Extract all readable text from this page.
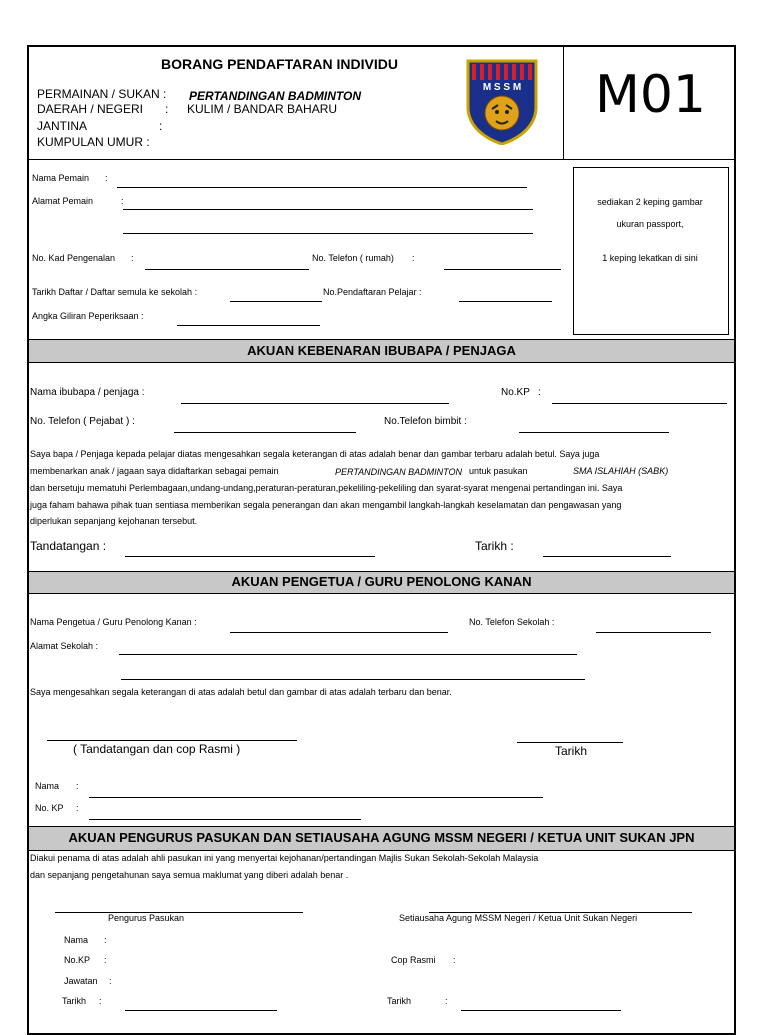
BORANG PENDAFTARAN INDIVIDU
PERMAINAN / SUKAN : PERTANDINGAN BADMINTON
DAERAH / NEGERI : KULIM / BANDAR BAHARU
JANTINA	:
KUMPULAN UMUR :
M S S M	M01
Nama Pemain :
Alamat Pemain	:
No. Kad Pengenalan :	No. Telefon ( rumah) :
Tarikh Daftar / Daftar semula ke sekolah :	No.Pendaftaran Pelajar :
Angka Giliran Peperiksaan :
sediakan 2 keping gambar
ukuran passport,
1 keping lekatkan di sini
AKUAN KEBENARAN IBUBAPA / PENJAGA
Nama ibubapa / penjaga :	No.KP :
No. Telefon ( Pejabat ) :	No.Telefon bimbit :
Saya bapa / Penjaga kepada pelajar diatas mengesahkan segala keterangan di atas adalah benar dan gambar terbaru adalah betul. Saya juga
membenarkan anak / jagaan saya didaftarkan sebagai pemain	PERTANDINGAN BADMINTON untuk pasukan	SMA ISLAHIAH (SABK)
dan bersetuju mematuhi Perlembagaan,undang-undang,peraturan-peraturan,pekeliling-pekeliling dan syarat-syarat mengenai pertandingan ini. Saya
juga faham bahawa pihak tuan sentiasa memberikan segala penerangan dan akan mengambil langkah-langkah keselamatan dan pengawasan yang
diperlukan sepanjang kejohanan tersebut.
Tandatangan :	Tarikh :
AKUAN PENGETUA / GURU PENOLONG KANAN
Nama Pengetua / Guru Penolong Kanan :	No. Telefon Sekolah :
Alamat Sekolah :
Saya mengesahkan segala keterangan di atas adalah betul dan gambar di atas adalah terbaru dan benar.
( Tandatangan dan cop Rasmi )	Tarikh
Nama :
No. KP :
AKUAN PENGURUS PASUKAN DAN SETIAUSAHA AGUNG MSSM NEGERI / KETUA UNIT SUKAN JPN
Diakui penama di atas adalah ahli pasukan ini yang menyertai kejohanan/pertandingan Majlis Sukan Sekolah-Sekolah Malaysia
dan sepanjang pengetahunan saya semua maklumat yang diberi adalah benar .
Pengurus Pasukan	Setiausaha Agung MSSM Negeri / Ketua Unit Sukan Negeri
Nama :
No.KP :	Cop Rasmi :
Jawatan :
Tarikh :	Tarikh	:
